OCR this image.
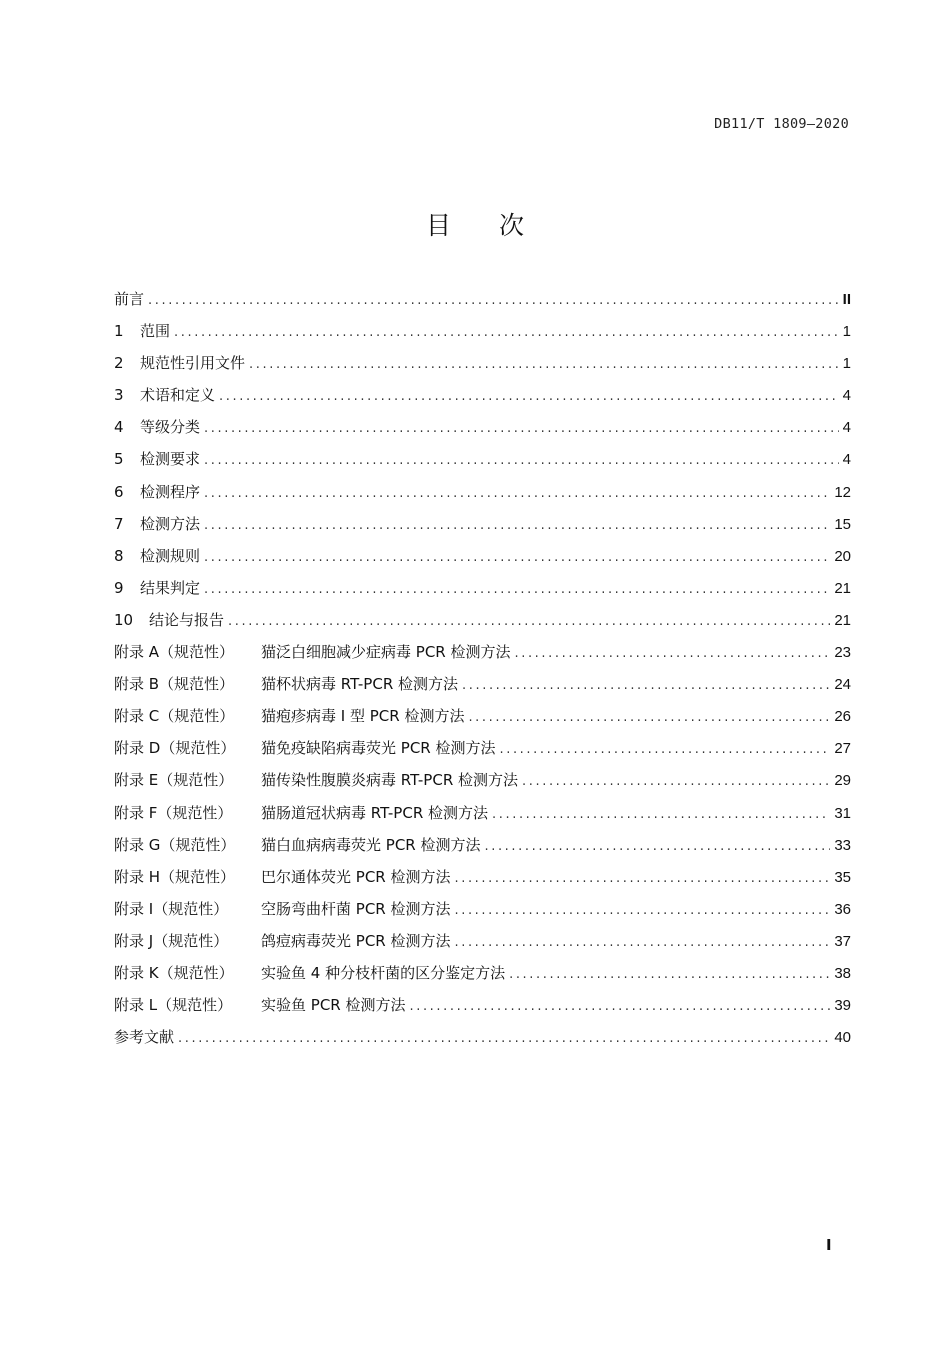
DB11/T 1809—2020
目 次
前言 .....	II
1	范围 .....	1
2	规范性引用文件 .....	1
3	术语和定义 .....	4
4	等级分类 .....	4
5	检测要求 .....	4
6	检测程序 .....	12
7	检测方法 .....	15
8	检测规则 .....	20
9	结果判定 .....	21
10	结论与报告 .....	21
附录 A（规范性）	猫泛白细胞减少症病毒 PCR 检测方法 .....	23
附录 B（规范性）	猫杯状病毒 RT-PCR 检测方法 .....	24
附录 C（规范性）	猫疱疹病毒 I 型 PCR 检测方法 .....	26
附录 D（规范性）	猫免疫缺陷病毒荧光 PCR 检测方法 .....	27
附录 E（规范性）	猫传染性腹膜炎病毒 RT-PCR 检测方法 .....	29
附录 F（规范性）	猫肠道冠状病毒 RT-PCR 检测方法 .....	31
附录 G（规范性）	猫白血病病毒荧光 PCR 检测方法 .....	33
附录 H（规范性）	巴尔通体荧光 PCR 检测方法 .....	35
附录 I（规范性）	空肠弯曲杆菌 PCR 检测方法 .....	36
附录 J（规范性）	鸽痘病毒荧光 PCR 检测方法 .....	37
附录 K（规范性）	实验鱼 4 种分枝杆菌的区分鉴定方法 .....	38
附录 L（规范性）	实验鱼 PCR 检测方法 .....	39
参考文献 .....	40
I
